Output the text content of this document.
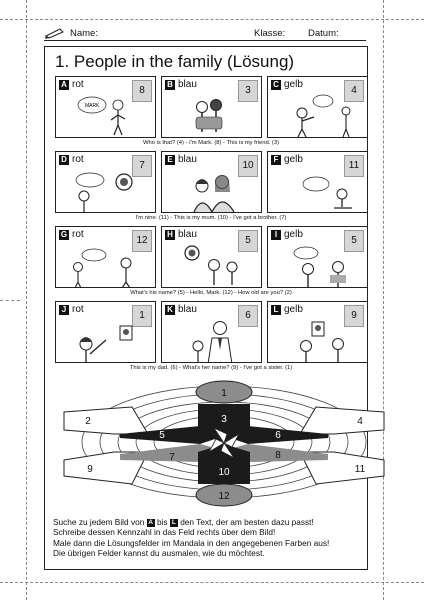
Name:	Klasse: Datum:
1. People in the family (Lösung)
A rot
8
MARK
B blau
3
C gelb
4
Who is that? (4) - I'm Mark. (8) - This is my friend. (3)
D rot
7
E blau
10
F gelb
11
I'm nine. (11) - This is my mum. (10) - I've got a brother. (7)
G rot
12
H blau
5
I gelb
5
What's his name? (5) - Hello, Mark. (12) - How old are you? (2)
J rot
1
K blau
6
L gelb
9
This is my dad. (6) - What's her name? (9) - I've got a sister. (1)
1
2	3	4
5	6
7	8
9	10	11
12
Suche zu jedem Bild von A bis L den Text, der am besten dazu passt!
Schreibe dessen Kennzahl in das Feld rechts über dem Bild!
Male dann die Lösungsfelder im Mandala in den angegebenen Farben aus!
Die übrigen Felder kannst du ausmalen, wie du möchtest.
